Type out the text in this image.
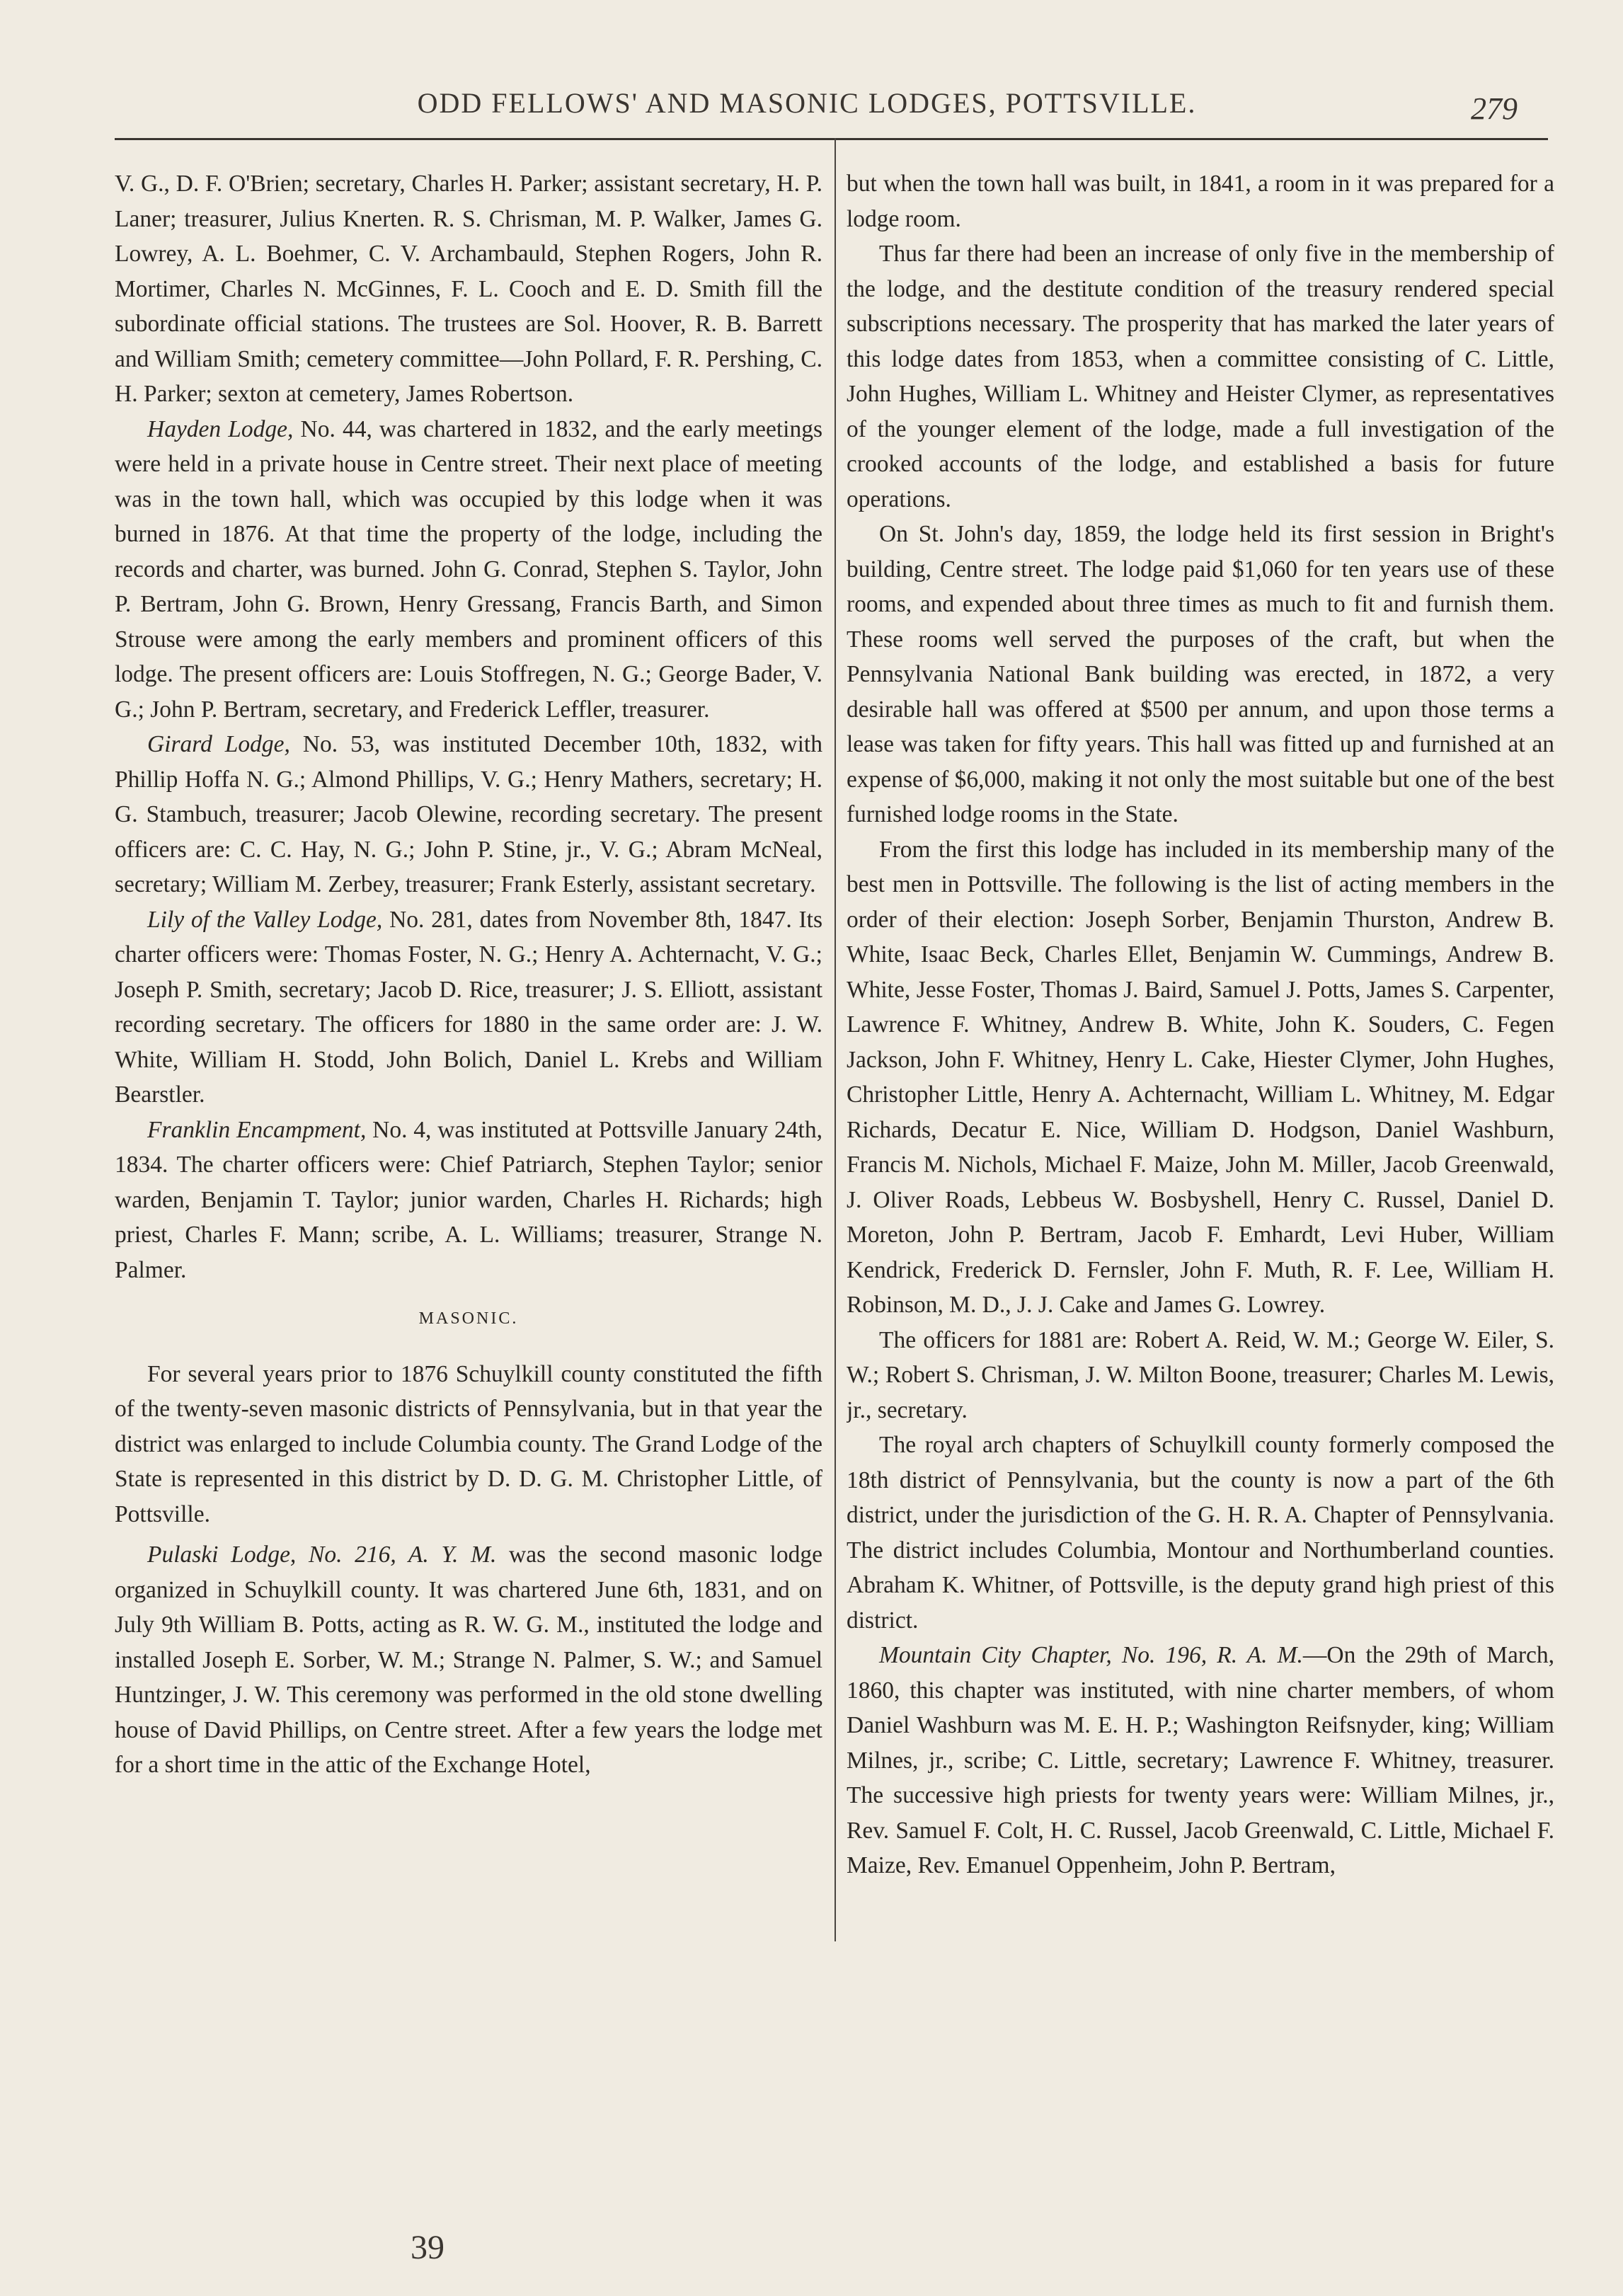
ODD FELLOWS' AND MASONIC LODGES, POTTSVILLE.	279

V. G., D. F. O'Brien; secretary, Charles H. Parker; assistant secretary, H. P. Laner; treasurer, Julius Knerten. R. S. Chrisman, M. P. Walker, James G. Lowrey, A. L. Boehmer, C. V. Archambauld, Stephen Rogers, John R. Mortimer, Charles N. McGinnes, F. L. Cooch and E. D. Smith fill the subordinate official stations. The trustees are Sol. Hoover, R. B. Barrett and William Smith; cemetery committee—John Pollard, F. R. Pershing, C. H. Parker; sexton at cemetery, James Robertson.

Hayden Lodge, No. 44, was chartered in 1832, and the early meetings were held in a private house in Centre street. Their next place of meeting was in the town hall, which was occupied by this lodge when it was burned in 1876. At that time the property of the lodge, including the records and charter, was burned. John G. Conrad, Stephen S. Taylor, John P. Bertram, John G. Brown, Henry Gressang, Francis Barth, and Simon Strouse were among the early members and prominent officers of this lodge. The present officers are: Louis Stoffregen, N. G.; George Bader, V. G.; John P. Bertram, secretary, and Frederick Leffler, treasurer.

Girard Lodge, No. 53, was instituted December 10th, 1832, with Phillip Hoffa N. G.; Almond Phillips, V. G.; Henry Mathers, secretary; H. G. Stambuch, treasurer; Jacob Olewine, recording secretary. The present officers are: C. C. Hay, N. G.; John P. Stine, jr., V. G.; Abram McNeal, secretary; William M. Zerbey, treasurer; Frank Esterly, assistant secretary.

Lily of the Valley Lodge, No. 281, dates from November 8th, 1847. Its charter officers were: Thomas Foster, N. G.; Henry A. Achternacht, V. G.; Joseph P. Smith, secretary; Jacob D. Rice, treasurer; J. S. Elliott, assistant recording secretary. The officers for 1880 in the same order are: J. W. White, William H. Stodd, John Bolich, Daniel L. Krebs and William Bearstler.

Franklin Encampment, No. 4, was instituted at Pottsville January 24th, 1834. The charter officers were: Chief Patriarch, Stephen Taylor; senior warden, Benjamin T. Taylor; junior warden, Charles H. Richards; high priest, Charles F. Mann; scribe, A. L. Williams; treasurer, Strange N. Palmer.

MASONIC.

For several years prior to 1876 Schuylkill county constituted the fifth of the twenty-seven masonic districts of Pennsylvania, but in that year the district was enlarged to include Columbia county. The Grand Lodge of the State is represented in this district by D. D. G. M. Christopher Little, of Pottsville.

Pulaski Lodge, No. 216, A. Y. M. was the second masonic lodge organized in Schuylkill county. It was chartered June 6th, 1831, and on July 9th William B. Potts, acting as R. W. G. M., instituted the lodge and installed Joseph E. Sorber, W. M.; Strange N. Palmer, S. W.; and Samuel Huntzinger, J. W. This ceremony was performed in the old stone dwelling house of David Phillips, on Centre street. After a few years the lodge met for a short time in the attic of the Exchange Hotel,

but when the town hall was built, in 1841, a room in it was prepared for a lodge room.

Thus far there had been an increase of only five in the membership of the lodge, and the destitute condition of the treasury rendered special subscriptions necessary. The prosperity that has marked the later years of this lodge dates from 1853, when a committee consisting of C. Little, John Hughes, William L. Whitney and Heister Clymer, as representatives of the younger element of the lodge, made a full investigation of the crooked accounts of the lodge, and established a basis for future operations.

On St. John's day, 1859, the lodge held its first session in Bright's building, Centre street. The lodge paid $1,060 for ten years use of these rooms, and expended about three times as much to fit and furnish them. These rooms well served the purposes of the craft, but when the Pennsylvania National Bank building was erected, in 1872, a very desirable hall was offered at $500 per annum, and upon those terms a lease was taken for fifty years. This hall was fitted up and furnished at an expense of $6,000, making it not only the most suitable but one of the best furnished lodge rooms in the State.

From the first this lodge has included in its membership many of the best men in Pottsville. The following is the list of acting members in the order of their election: Joseph Sorber, Benjamin Thurston, Andrew B. White, Isaac Beck, Charles Ellet, Benjamin W. Cummings, Andrew B. White, Jesse Foster, Thomas J. Baird, Samuel J. Potts, James S. Carpenter, Lawrence F. Whitney, Andrew B. White, John K. Souders, C. Fegen Jackson, John F. Whitney, Henry L. Cake, Hiester Clymer, John Hughes, Christopher Little, Henry A. Achternacht, William L. Whitney, M. Edgar Richards, Decatur E. Nice, William D. Hodgson, Daniel Washburn, Francis M. Nichols, Michael F. Maize, John M. Miller, Jacob Greenwald, J. Oliver Roads, Lebbeus W. Bosbyshell, Henry C. Russel, Daniel D. Moreton, John P. Bertram, Jacob F. Emhardt, Levi Huber, William Kendrick, Frederick D. Fernsler, John F. Muth, R. F. Lee, William H. Robinson, M. D., J. J. Cake and James G. Lowrey.

The officers for 1881 are: Robert A. Reid, W. M.; George W. Eiler, S. W.; Robert S. Chrisman, J. W. Milton Boone, treasurer; Charles M. Lewis, jr., secretary.

The royal arch chapters of Schuylkill county formerly composed the 18th district of Pennsylvania, but the county is now a part of the 6th district, under the jurisdiction of the G. H. R. A. Chapter of Pennsylvania. The district includes Columbia, Montour and Northumberland counties. Abraham K. Whitner, of Pottsville, is the deputy grand high priest of this district.

Mountain City Chapter, No. 196, R. A. M.—On the 29th of March, 1860, this chapter was instituted, with nine charter members, of whom Daniel Washburn was M. E. H. P.; Washington Reifsnyder, king; William Milnes, jr., scribe; C. Little, secretary; Lawrence F. Whitney, treasurer. The successive high priests for twenty years were: William Milnes, jr., Rev. Samuel F. Colt, H. C. Russel, Jacob Greenwald, C. Little, Michael F. Maize, Rev. Emanuel Oppenheim, John P. Bertram,

39
